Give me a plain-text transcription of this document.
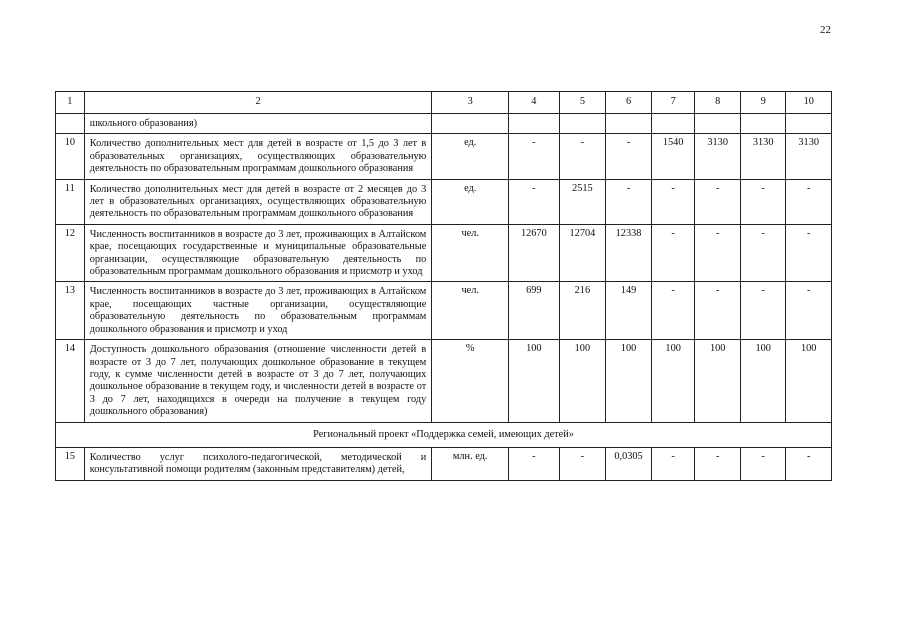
22
1	2	3	4	5	6	7	8	9	10
	школьного образования)								
10	Количество дополнительных мест для детей в возрасте от 1,5 до 3 лет в образовательных организациях, осуществляющих образовательную деятельность по образовательным программам дошкольного образования	ед.	-	-	-	1540	3130	3130	3130
11	Количество дополнительных мест для детей в возрасте от 2 месяцев до 3 лет в образовательных организациях, осуществляющих образовательную деятельность по образовательным программам дошкольного образования	ед.	-	2515	-	-	-	-	-
12	Численность воспитанников в возрасте до 3 лет, проживающих в Алтайском крае, посещающих государственные и муниципальные образовательные организации, осуществляющие образовательную деятельность по образовательным программам дошкольного образования и присмотр и уход	чел.	12670	12704	12338	-	-	-	-
13	Численность воспитанников в возрасте до 3 лет, проживающих в Алтайском крае, посещающих частные организации, осуществляющие образовательную деятельность по образовательным программам дошкольного образования и присмотр и уход	чел.	699	216	149	-	-	-	-
14	Доступность дошкольного образования (отношение численности детей в возрасте от 3 до 7 лет, получающих дошкольное образование в текущем году, к сумме численности детей в возрасте от 3 до 7 лет, получающих дошкольное образование в текущем году, и численности детей в возрасте от 3 до 7 лет, находящихся в очереди на получение в текущем году дошкольного образования)	%	100	100	100	100	100	100	100
Региональный проект «Поддержка семей, имеющих детей»									
15	Количество услуг психолого-педагогической, методической и консультативной помощи родителям (законным представителям) детей,	млн. ед.	-	-	0,0305	-	-	-	-
